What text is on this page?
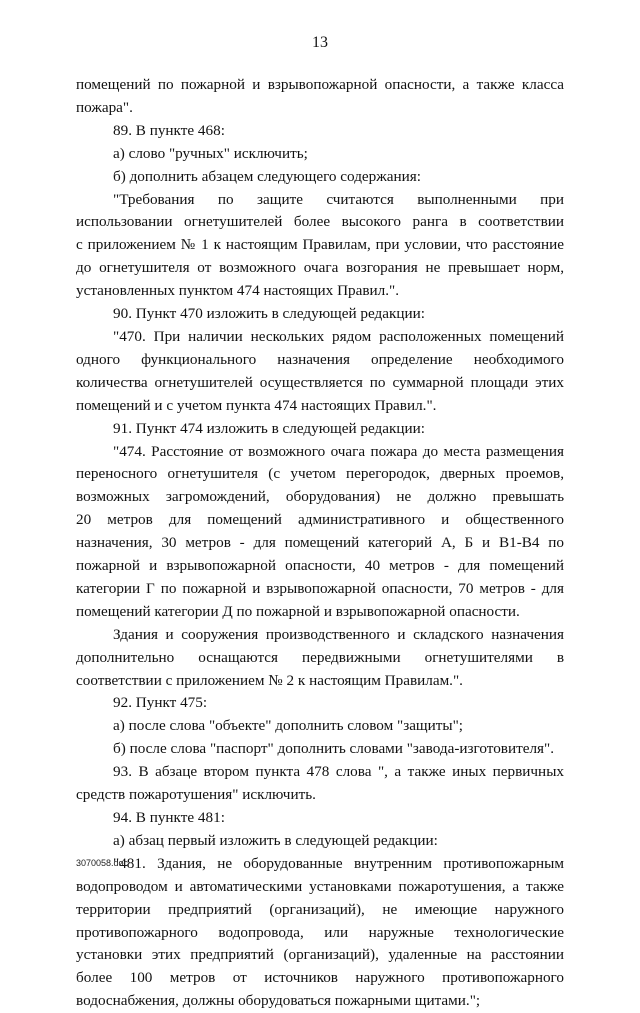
13

помещений по пожарной и взрывопожарной опасности, а также класса

пожара".

89. В пункте 468:

а) слово "ручных" исключить;

б) дополнить абзацем следующего содержания:

"Требования по защите считаются выполненными при

использовании огнетушителей более высокого ранга в соответствии

с приложением № 1 к настоящим Правилам, при условии, что расстояние

до огнетушителя от возможного очага возгорания не превышает норм,

установленных пунктом 474 настоящих Правил.".

90. Пункт 470 изложить в следующей редакции:

"470. При наличии нескольких рядом расположенных помещений

одного функционального назначения определение необходимого

количества огнетушителей осуществляется по суммарной площади этих

помещений и с учетом пункта 474 настоящих Правил.".

91. Пункт 474 изложить в следующей редакции:

"474. Расстояние от возможного очага пожара до места размещения

переносного огнетушителя (с учетом перегородок, дверных проемов,

возможных загромождений, оборудования) не должно превышать

20 метров для помещений административного и общественного

назначения, 30 метров - для помещений категорий А, Б и В1-В4 по

пожарной и взрывопожарной опасности, 40 метров - для помещений

категории Г по пожарной и взрывопожарной опасности, 70 метров - для

помещений категории Д по пожарной и взрывопожарной опасности.

Здания и сооружения производственного и складского назначения

дополнительно оснащаются передвижными огнетушителями в

соответствии с приложением № 2 к настоящим Правилам.".

92. Пункт 475:

а) после слова "объекте" дополнить словом "защиты";

б) после слова "паспорт" дополнить словами "завода-изготовителя".

93. В абзаце втором пункта 478 слова ", а также иных первичных

средств пожаротушения" исключить.

94. В пункте 481:

а) абзац первый изложить в следующей редакции:

"481. Здания, не оборудованные внутренним противопожарным

водопроводом и автоматическими установками пожаротушения, а также

территории предприятий (организаций), не имеющие наружного

противопожарного водопровода, или наружные технологические

установки этих предприятий (организаций), удаленные на расстоянии

более 100 метров от источников наружного противопожарного

водоснабжения, должны оборудоваться пожарными щитами.";

3070058.doc
